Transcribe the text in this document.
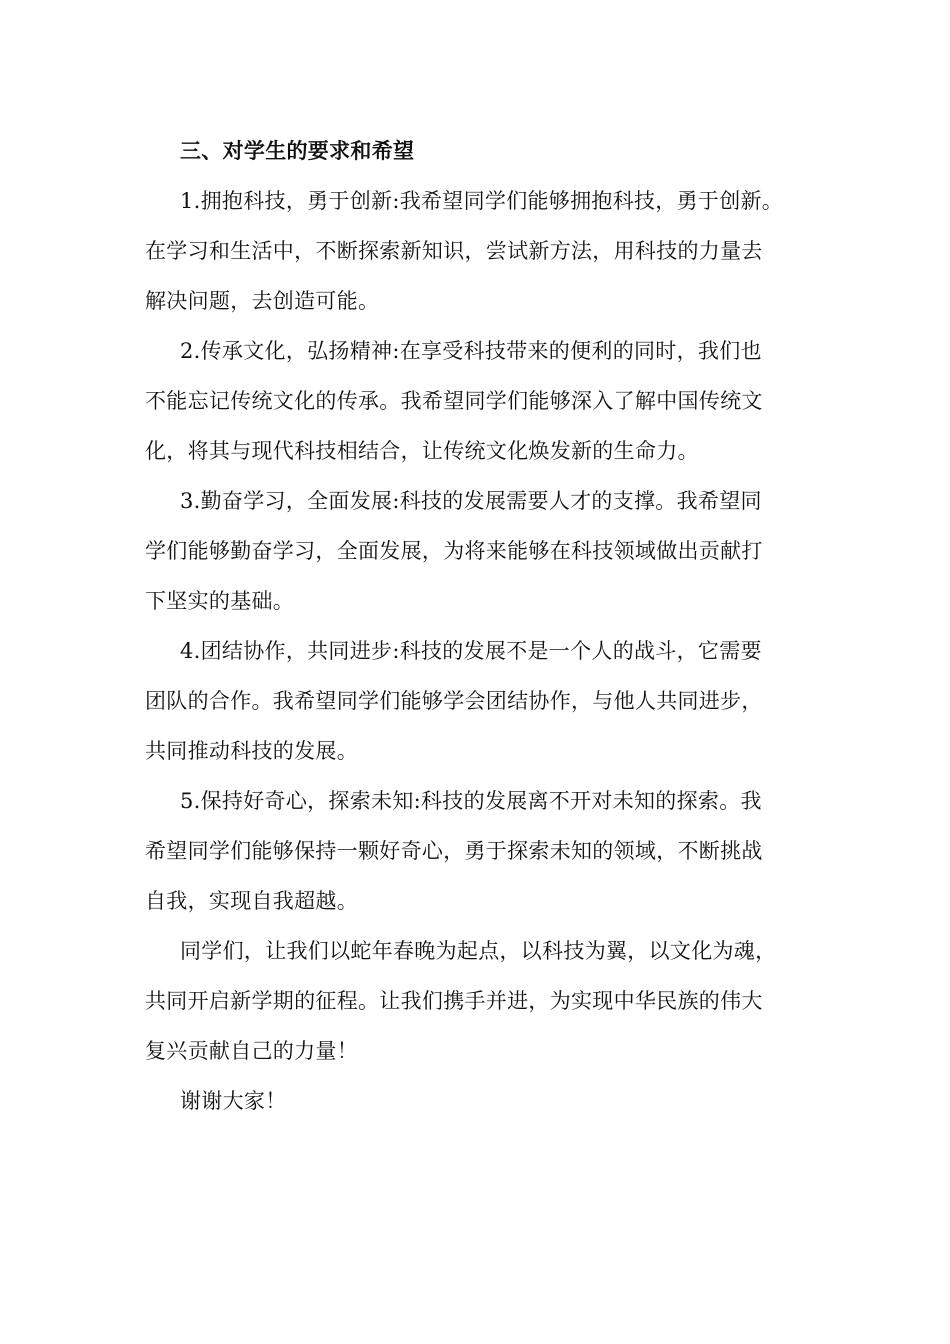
三、对学生的要求和希望
1.拥抱科技，勇于创新:我希望同学们能够拥抱科技，勇于创新。
在学习和生活中，不断探索新知识，尝试新方法，用科技的力量去
解决问题，去创造可能。
2.传承文化，弘扬精神:在享受科技带来的便利的同时，我们也
不能忘记传统文化的传承。我希望同学们能够深入了解中国传统文
化，将其与现代科技相结合，让传统文化焕发新的生命力。
3.勤奋学习，全面发展:科技的发展需要人才的支撑。我希望同
学们能够勤奋学习，全面发展，为将来能够在科技领域做出贡献打
下坚实的基础。
4.团结协作，共同进步:科技的发展不是一个人的战斗，它需要
团队的合作。我希望同学们能够学会团结协作，与他人共同进步，
共同推动科技的发展。
5.保持好奇心，探索未知:科技的发展离不开对未知的探索。我
希望同学们能够保持一颗好奇心，勇于探索未知的领域，不断挑战
自我，实现自我超越。
同学们，让我们以蛇年春晚为起点，以科技为翼，以文化为魂，
共同开启新学期的征程。让我们携手并进，为实现中华民族的伟大
复兴贡献自己的力量！
谢谢大家！
